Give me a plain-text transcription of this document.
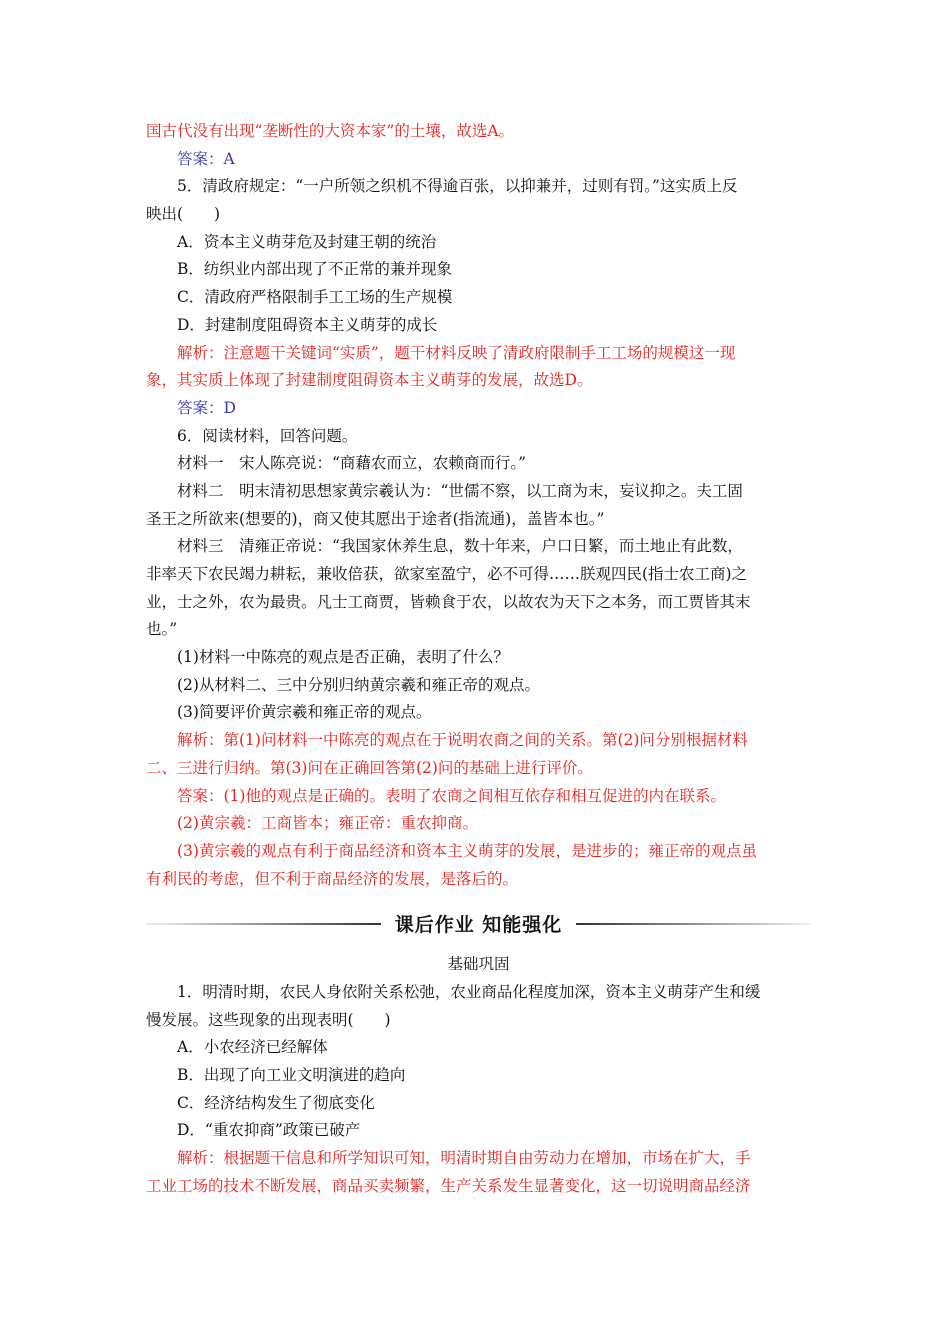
国古代没有出现“垄断性的大资本家”的土壤，故选A。
答案：A
5．清政府规定：“一户所领之织机不得逾百张，以抑兼并，过则有罚。”这实质上反
映出(　　)
A．资本主义萌芽危及封建王朝的统治
B．纺织业内部出现了不正常的兼并现象
C．清政府严格限制手工工场的生产规模
D．封建制度阻碍资本主义萌芽的成长
解析：注意题干关键词“实质”，题干材料反映了清政府限制手工工场的规模这一现
象，其实质上体现了封建制度阻碍资本主义萌芽的发展，故选D。
答案：D
6．阅读材料，回答问题。
材料一　宋人陈亮说：“商藉农而立，农赖商而行。”
材料二　明末清初思想家黄宗羲认为：“世儒不察，以工商为末，妄议抑之。夫工固
圣王之所欲来(想要的)，商又使其愿出于途者(指流通)，盖皆本也。”
材料三　清雍正帝说：“我国家休养生息，数十年来，户口日繁，而土地止有此数，
非率天下农民竭力耕耘，兼收倍获，欲家室盈宁，必不可得……朕观四民(指士农工商)之
业，士之外，农为最贵。凡士工商贾，皆赖食于农，以故农为天下之本务，而工贾皆其末
也。”
(1)材料一中陈亮的观点是否正确，表明了什么？
(2)从材料二、三中分别归纳黄宗羲和雍正帝的观点。
(3)简要评价黄宗羲和雍正帝的观点。
解析：第(1)问材料一中陈亮的观点在于说明农商之间的关系。第(2)问分别根据材料
二、三进行归纳。第(3)问在正确回答第(2)问的基础上进行评价。
答案：(1)他的观点是正确的。表明了农商之间相互依存和相互促进的内在联系。
(2)黄宗羲：工商皆本；雍正帝：重农抑商。
(3)黄宗羲的观点有利于商品经济和资本主义萌芽的发展，是进步的；雍正帝的观点虽
有利民的考虑，但不利于商品经济的发展，是落后的。
课后作业 知能强化
基础巩固
1．明清时期，农民人身依附关系松弛，农业商品化程度加深，资本主义萌芽产生和缓
慢发展。这些现象的出现表明(　　)
A．小农经济已经解体
B．出现了向工业文明演进的趋向
C．经济结构发生了彻底变化
D．“重农抑商”政策已破产
解析：根据题干信息和所学知识可知，明清时期自由劳动力在增加，市场在扩大，手
工业工场的技术不断发展，商品买卖频繁，生产关系发生显著变化，这一切说明商品经济
